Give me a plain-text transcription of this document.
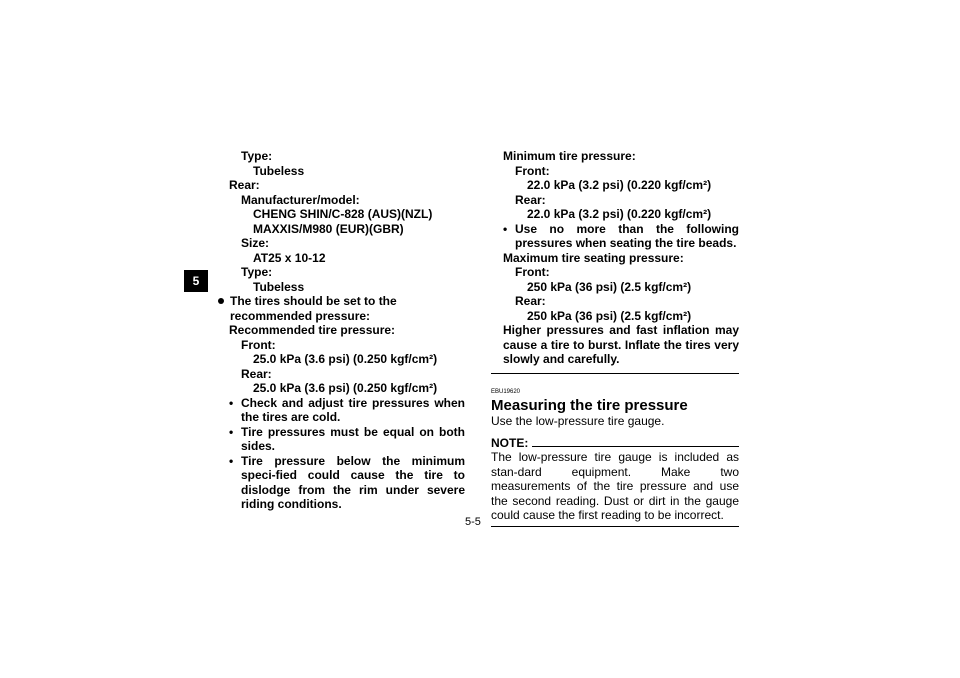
5
Type:
Tubeless
Rear:
Manufacturer/model:
CHENG SHIN/C-828 (AUS)(NZL)
MAXXIS/M980 (EUR)(GBR)
Size:
AT25 x 10-12
Type:
Tubeless
The tires should be set to the recommended pressure:
Recommended tire pressure:
Front:
25.0 kPa (3.6 psi) (0.250 kgf/cm²)
Rear:
25.0 kPa (3.6 psi) (0.250 kgf/cm²)
• Check and adjust tire pressures when the tires are cold.
• Tire pressures must be equal on both sides.
• Tire pressure below the minimum speci-fied could cause the tire to dislodge from the rim under severe riding conditions.
Minimum tire pressure:
Front:
22.0 kPa (3.2 psi) (0.220 kgf/cm²)
Rear:
22.0 kPa (3.2 psi) (0.220 kgf/cm²)
• Use no more than the following pressures when seating the tire beads.
Maximum tire seating pressure:
Front:
250 kPa (36 psi) (2.5 kgf/cm²)
Rear:
250 kPa (36 psi) (2.5 kgf/cm²)
Higher pressures and fast inflation may cause a tire to burst. Inflate the tires very slowly and carefully.
EBU19620
Measuring the tire pressure
Use the low-pressure tire gauge.
NOTE:
The low-pressure tire gauge is included as stan-dard equipment. Make two measurements of the tire pressure and use the second reading. Dust or dirt in the gauge could cause the first reading to be incorrect.
5-5
